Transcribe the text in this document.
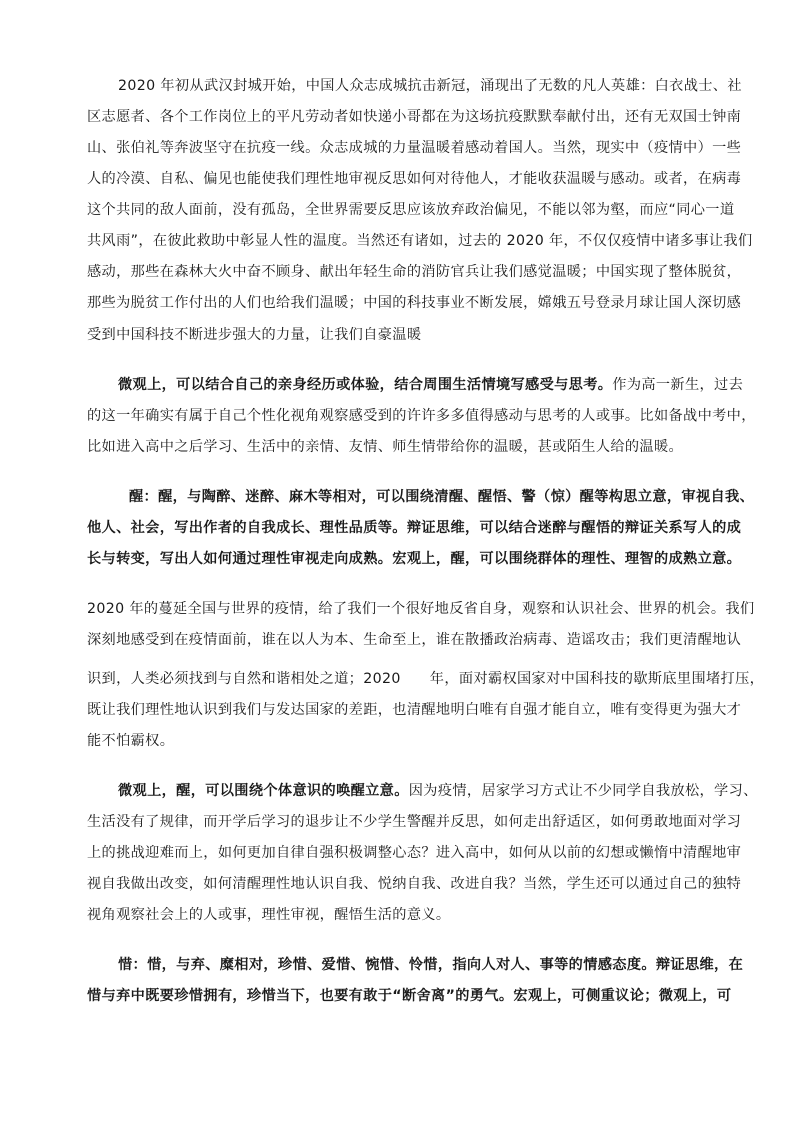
2020 年初从武汉封城开始，中国人众志成城抗击新冠，涌现出了无数的凡人英雄：白衣战士、社
区志愿者、各个工作岗位上的平凡劳动者如快递小哥都在为这场抗疫默默奉献付出，还有无双国士钟南
山、张伯礼等奔波坚守在抗疫一线。众志成城的力量温暖着感动着国人。当然，现实中（疫情中）一些
人的冷漠、自私、偏见也能使我们理性地审视反思如何对待他人，才能收获温暖与感动。或者，在病毒
这个共同的敌人面前，没有孤岛，全世界需要反思应该放弃政治偏见，不能以邻为壑，而应“同心一道
共风雨”，在彼此救助中彰显人性的温度。当然还有诸如，过去的 2020 年，不仅仅疫情中诸多事让我们
感动，那些在森林大火中奋不顾身、献出年轻生命的消防官兵让我们感觉温暖；中国实现了整体脱贫，
那些为脱贫工作付出的人们也给我们温暖；中国的科技事业不断发展，嫦娥五号登录月球让国人深切感
受到中国科技不断进步强大的力量，让我们自豪温暖
微观上，可以结合自己的亲身经历或体验，结合周围生活情境写感受与思考。作为高一新生，过去
的这一年确实有属于自己个性化视角观察感受到的许许多多值得感动与思考的人或事。比如备战中考中，
比如进入高中之后学习、生活中的亲情、友情、师生情带给你的温暖，甚或陌生人给的温暖。
醒：醒，与陶醉、迷醉、麻木等相对，可以围绕清醒、醒悟、警（惊）醒等构思立意，审视自我、
他人、社会，写出作者的自我成长、理性品质等。辩证思维，可以结合迷醉与醒悟的辩证关系写人的成
长与转变，写出人如何通过理性审视走向成熟。宏观上，醒，可以围绕群体的理性、理智的成熟立意。
2020 年的蔓延全国与世界的疫情，给了我们一个很好地反省自身，观察和认识社会、世界的机会。我们
深刻地感受到在疫情面前，谁在以人为本、生命至上，谁在散播政治病毒、造谣攻击；我们更清醒地认
识到，人类必须找到与自然和谐相处之道；2020　　年，面对霸权国家对中国科技的歇斯底里围堵打压，
既让我们理性地认识到我们与发达国家的差距，也清醒地明白唯有自强才能自立，唯有变得更为强大才
能不怕霸权。
微观上，醒，可以围绕个体意识的唤醒立意。因为疫情，居家学习方式让不少同学自我放松，学习、
生活没有了规律，而开学后学习的退步让不少学生警醒并反思，如何走出舒适区，如何勇敢地面对学习
上的挑战迎难而上，如何更加自律自强积极调整心态？进入高中，如何从以前的幻想或懒惰中清醒地审
视自我做出改变，如何清醒理性地认识自我、悦纳自我、改进自我？当然，学生还可以通过自己的独特
视角观察社会上的人或事，理性审视，醒悟生活的意义。
惜：惜，与弃、糜相对，珍惜、爱惜、惋惜、怜惜，指向人对人、事等的情感态度。辩证思维，在
惜与弃中既要珍惜拥有，珍惜当下，也要有敢于“断舍离”的勇气。宏观上，可侧重议论；微观上，可
